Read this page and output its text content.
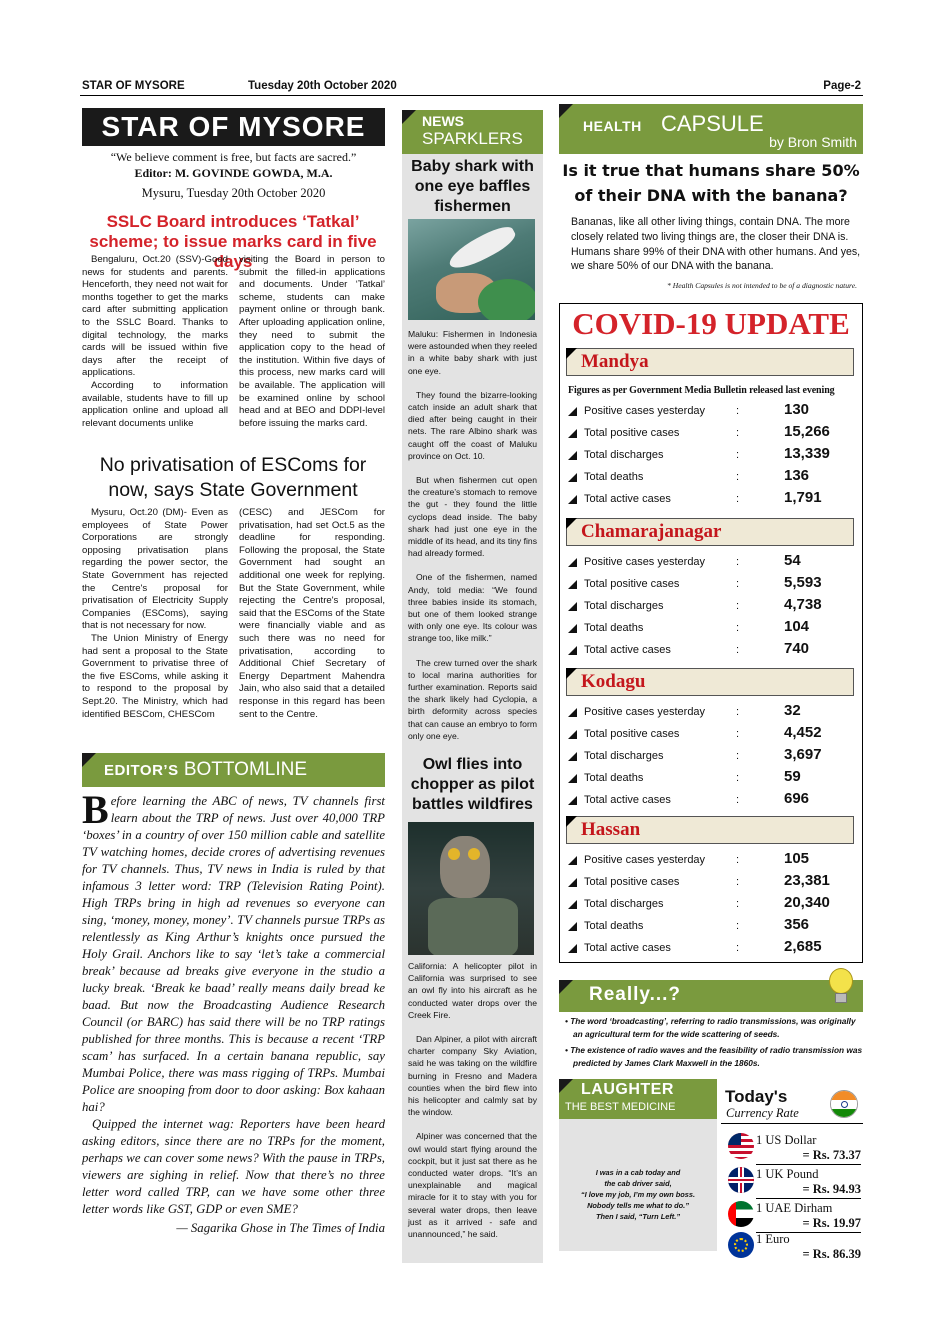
STAR OF MYSORE	Tuesday 20th October 2020	Page-2
STAR OF MYSORE
“We believe comment is free, but facts are sacred.”
Editor: M. GOVINDE GOWDA, M.A.
Mysuru, Tuesday 20th October 2020
SSLC Board introduces ‘Tatkal’ scheme; to issue marks card in five days

Bengaluru, Oct.20 (SSV)-Good news for students and parents. Henceforth, they need not wait for months together to get the marks card after submitting application to the SSLC Board. Thanks to digital technology, the marks cards will be issued within five days after the receipt of applications.

According to information available, students have to fill up application online and upload all relevant documents unlike

visiting the Board in person to submit the filled-in applications and documents. Under ‘Tatkal’ scheme, students can make payment online or through bank. After uploading application online, they need to submit the application copy to the head of the institution. Within five days of this process, new marks card will be available. The application will be examined online by school head and at BEO and DDPI-level before issuing the marks card.

No privatisation of ESComs for now, says State Government

Mysuru, Oct.20 (DM)- Even as employees of State Power Corporations are strongly opposing privatisation plans regarding the power sector, the State Government has rejected the Centre's proposal for privatisation of Electricity Supply Companies (ESComs), saying that is not necessary for now.

The Union Ministry of Energy had sent a proposal to the State Government to privatise three of the five ESComs, while asking it to respond to the proposal by Sept.20. The Ministry, which had identified BESCom, CHESCom

(CESC) and JESCom for privatisation, had set Oct.5 as the deadline for responding. Following the proposal, the State Government had sought an additional one week for replying. But the State Government, while rejecting the Centre's proposal, said that the ESComs of the State were financially viable and as such there was no need for privatisation, according to Additional Chief Secretary of Energy Department Mahendra Jain, who also said that a detailed response in this regard has been sent to the Centre.

EDITOR’S BOTTOMLINE
B efore learning the ABC of news, TV channels first learn about the TRP of news. Just over 40,000 TRP ‘boxes’ in a country of over 150 million cable and satellite TV watching homes, decide crores of advertising revenues for TV channels. Thus, TV news in India is ruled by that infamous 3 letter word: TRP (Television Rating Point). High TRPs bring in high ad revenues so everyone can sing, ‘money, money, money’. TV channels pursue TRPs as relentlessly as King Arthur’s knights once pursued the Holy Grail. Anchors like to say ‘let’s take a commercial break’ because ad breaks give everyone in the studio a lucky break. ‘Break ke baad’ really means daily bread ke baad. But now the Broadcasting Audience Research Council (or BARC) has said there will be no TRP ratings published for three months. This is because a recent ‘TRP scam’ has surfaced. In a certain banana republic, say Mumbai Police, there was mass rigging of TRPs. Mumbai Police are snooping from door to door asking: Box kahaan hai?
Quipped the internet wag: Reporters have been heard asking editors, since there are no TRPs for the moment, perhaps we can cover some news? With the pause in TRPs, viewers are sighing in relief. Now that there’s no three letter word called TRP, can we have some other three letter words like GST, GDP or even SME?
— Sagarika Ghose in The Times of India
NEWS
SPARKLERS
Baby shark with one eye baffles fishermen

Maluku: Fishermen in Indonesia were astounded when they reeled in a white baby shark with just one eye.

They found the bizarre-looking catch inside an adult shark that died after being caught in their nets. The rare Albino shark was caught off the coast of Maluku province on Oct. 10.

But when fishermen cut open the creature’s stomach to remove the gut - they found the little cyclops dead inside. The baby shark had just one eye in the middle of its head, and its tiny fins had already formed.

One of the fishermen, named Andy, told media: “We found three babies inside its stomach, but one of them looked strange with only one eye. Its colour was strange too, like milk.”

The crew turned over the shark to local marina authorities for further examination. Reports said the shark likely had Cyclopia, a birth deformity across species that can cause an embryo to form only one eye.

Owl flies into chopper as pilot battles wildfires

California: A helicopter pilot in California was surprised to see an owl fly into his aircraft as he conducted water drops over the Creek Fire.

Dan Alpiner, a pilot with aircraft charter company Sky Aviation, said he was taking on the wildfire burning in Fresno and Madera counties when the bird flew into his helicopter and calmly sat by the window.

Alpiner was concerned that the owl would start flying around the cockpit, but it just sat there as he conducted water drops. “It’s an unexplainable and magical miracle for it to stay with you for several water drops, then leave just as it arrived - safe and unannounced,” he said.

HEALTH CAPSULE
by Bron Smith
Is it true that humans share 50% of their DNA with the banana?
Bananas, like all other living things, contain DNA. The more closely related two living things are, the closer their DNA is. Humans share 99% of their DNA with other humans. And yes, we share 50% of our DNA with the banana.
* Health Capsules is not intended to be of a diagnostic nature.
COVID-19 UPDATE
Mandya
Figures as per Government Media Bulletin released last evening
Positive cases yesterday	:	130
Total positive cases	:	15,266
Total discharges	:	13,339
Total deaths	:	136
Total active cases	:	1,791
Chamarajanagar
Positive cases yesterday	:	54
Total positive cases	:	5,593
Total discharges	:	4,738
Total deaths	:	104
Total active cases	:	740
Kodagu
Positive cases yesterday	:	32
Total positive cases	:	4,452
Total discharges	:	3,697
Total deaths	:	59
Total active cases	:	696
Hassan
Positive cases yesterday	:	105
Total positive cases	:	23,381
Total discharges	:	20,340
Total deaths	:	356
Total active cases	:	2,685
Really...?
• The word ‘broadcasting’, referring to radio transmissions, was originally an agricultural term for the wide scattering of seeds.
• The existence of radio waves and the feasibility of radio transmission was predicted by James Clark Maxwell in the 1860s.
LAUGHTER
THE BEST MEDICINE
I was in a cab today and
the cab driver said,
“I love my job, I’m my own boss.
Nobody tells me what to do.”
Then I said, “Turn Left.”
Today's
Currency Rate
1 US Dollar
= Rs. 73.37
1 UK Pound
= Rs. 94.93
1 UAE Dirham
= Rs. 19.97
1 Euro
= Rs. 86.39
